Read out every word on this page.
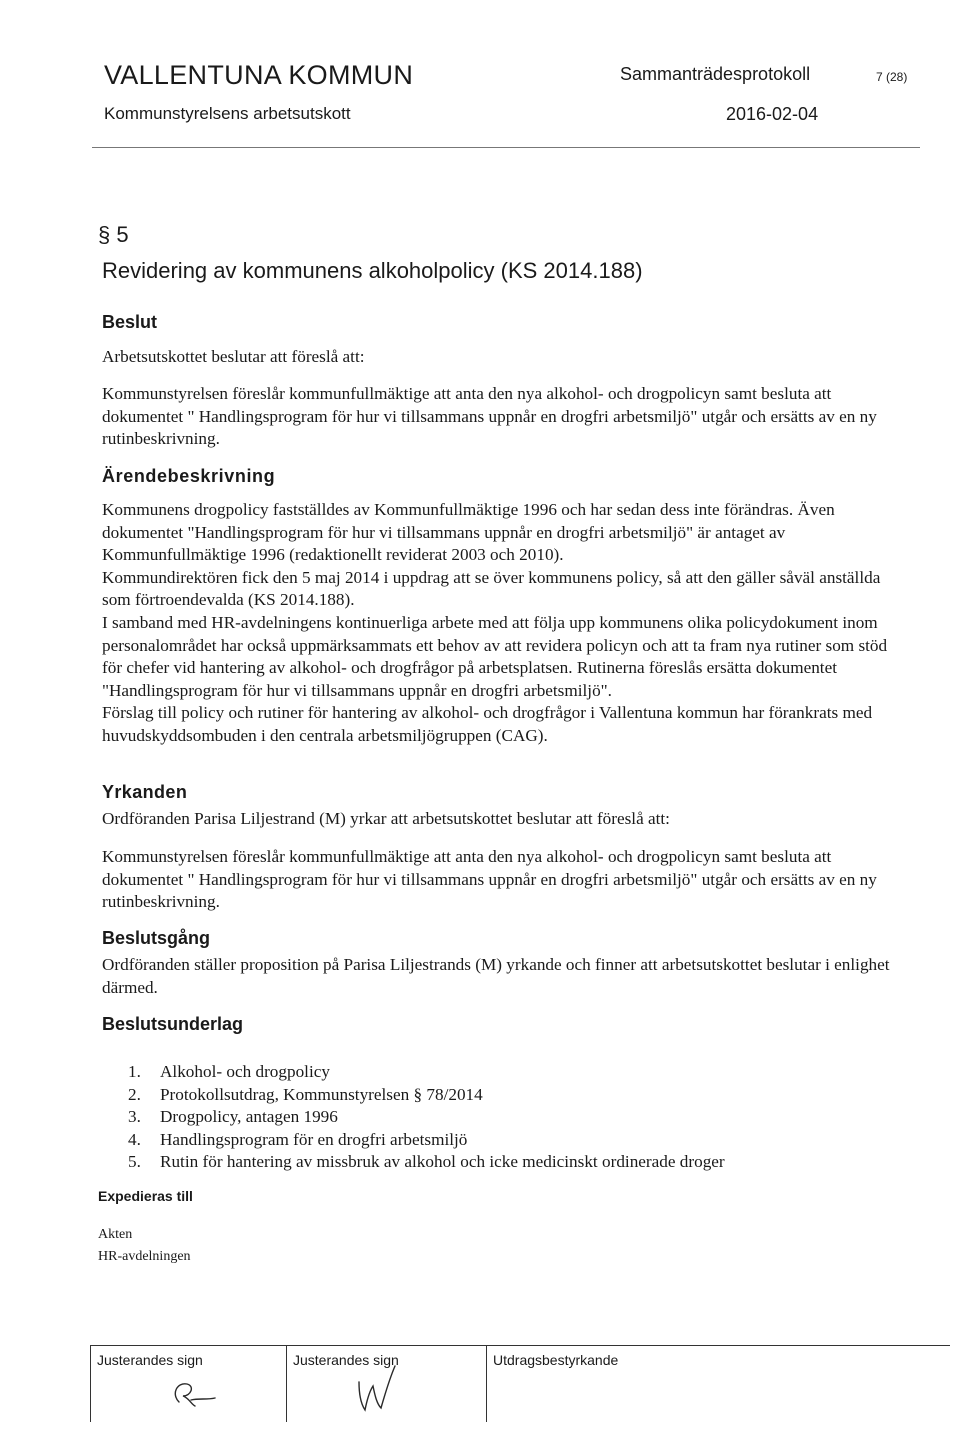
VALLENTUNA KOMMUN	Sammanträdesprotokoll	7 (28)
Kommunstyrelsens arbetsutskott	2016-02-04
§ 5
Revidering av kommunens alkoholpolicy (KS 2014.188)
Beslut
Arbetsutskottet beslutar att föreslå att:
Kommunstyrelsen föreslår kommunfullmäktige att anta den nya alkohol- och drogpolicyn samt besluta att dokumentet " Handlingsprogram för hur vi tillsammans uppnår en drogfri arbetsmiljö" utgår och ersätts av en ny rutinbeskrivning.
Ärendebeskrivning

Kommunens drogpolicy fastställdes av Kommunfullmäktige 1996 och har sedan dess inte förändras. Även dokumentet "Handlingsprogram för hur vi tillsammans uppnår en drogfri arbetsmiljö" är antaget av Kommunfullmäktige 1996 (redaktionellt reviderat 2003 och 2010).

Kommundirektören fick den 5 maj 2014 i uppdrag att se över kommunens policy, så att den gäller såväl anställda som förtroendevalda (KS 2014.188).

I samband med HR-avdelningens kontinuerliga arbete med att följa upp kommunens olika policydokument inom personalområdet har också uppmärksammats ett behov av att revidera policyn och att ta fram nya rutiner som stöd för chefer vid hantering av alkohol- och drogfrågor på arbetsplatsen. Rutinerna föreslås ersätta dokumentet "Handlingsprogram för hur vi tillsammans uppnår en drogfri arbetsmiljö".

Förslag till policy och rutiner för hantering av alkohol- och drogfrågor i Vallentuna kommun har förankrats med huvudskyddsombuden i den centrala arbetsmiljögruppen (CAG).

Yrkanden
Ordföranden Parisa Liljestrand (M) yrkar att arbetsutskottet beslutar att föreslå att:
Kommunstyrelsen föreslår kommunfullmäktige att anta den nya alkohol- och drogpolicyn samt besluta att dokumentet " Handlingsprogram för hur vi tillsammans uppnår en drogfri arbetsmiljö" utgår och ersätts av en ny rutinbeskrivning.
Beslutsgång
Ordföranden ställer proposition på Parisa Liljestrands (M) yrkande och finner att arbetsutskottet beslutar i enlighet därmed.
Beslutsunderlag
1.	Alkohol- och drogpolicy
2.	Protokollsutdrag, Kommunstyrelsen § 78/2014
3.	Drogpolicy, antagen 1996
4.	Handlingsprogram för en drogfri arbetsmiljö
5.	Rutin för hantering av missbruk av alkohol och icke medicinskt ordinerade droger
Expedieras till
Akten
HR-avdelningen
Justerandes sign	Justerandes sign	Utdragsbestyrkande
